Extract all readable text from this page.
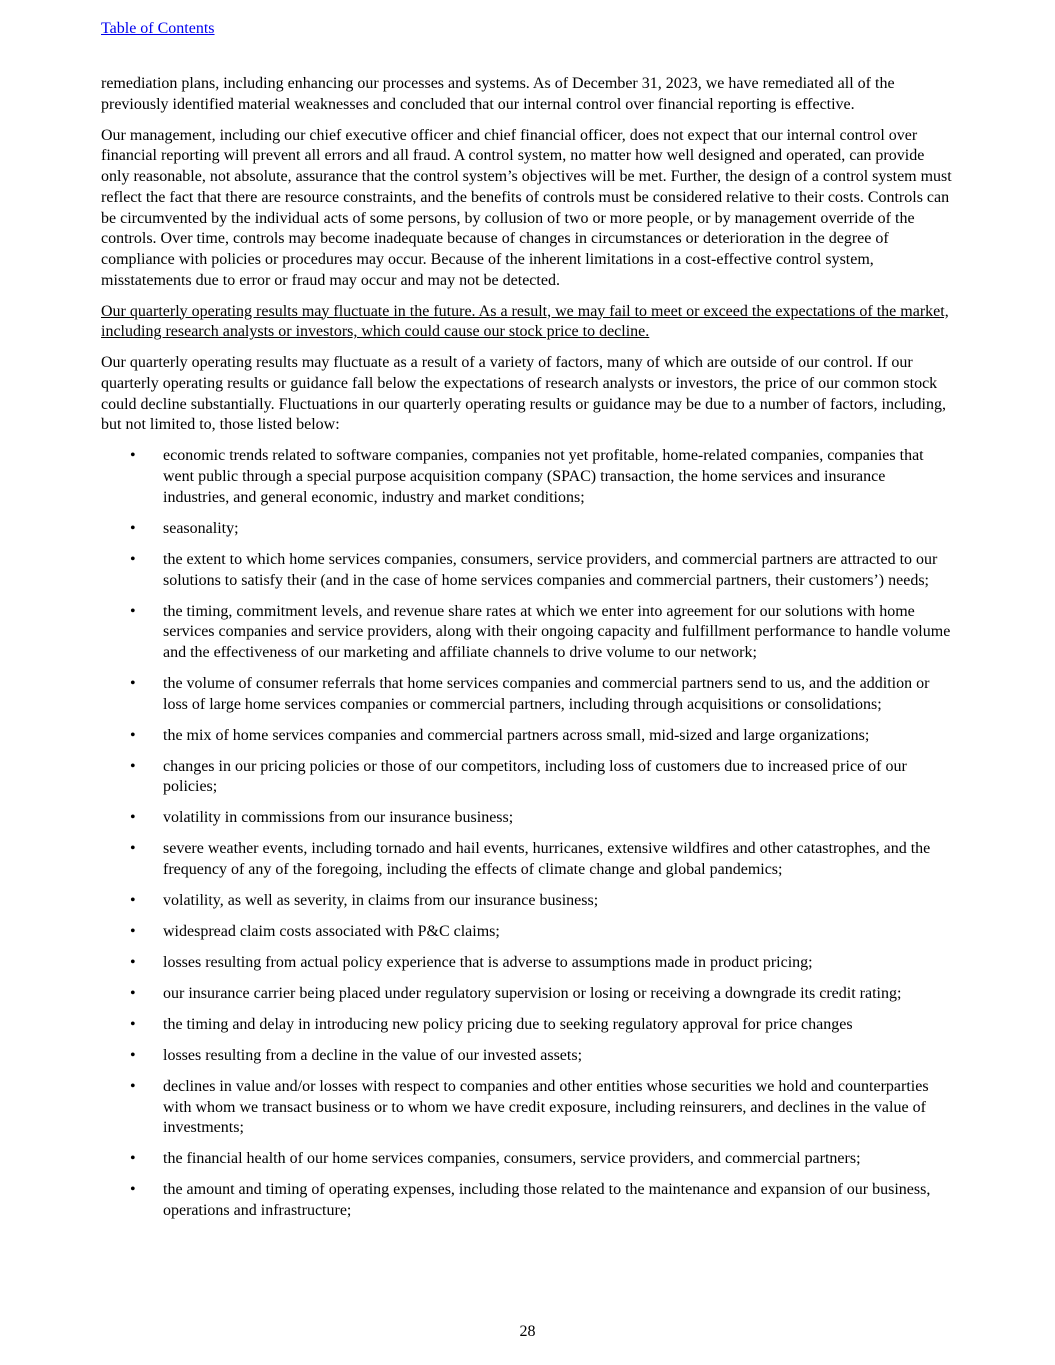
Table of Contents

remediation plans, including enhancing our processes and systems. As of December 31, 2023, we have remediated all of the previously identified material weaknesses and concluded that our internal control over financial reporting is effective.

Our management, including our chief executive officer and chief financial officer, does not expect that our internal control over financial reporting will prevent all errors and all fraud. A control system, no matter how well designed and operated, can provide only reasonable, not absolute, assurance that the control system’s objectives will be met. Further, the design of a control system must reflect the fact that there are resource constraints, and the benefits of controls must be considered relative to their costs. Controls can be circumvented by the individual acts of some persons, by collusion of two or more people, or by management override of the controls. Over time, controls may become inadequate because of changes in circumstances or deterioration in the degree of compliance with policies or procedures may occur. Because of the inherent limitations in a cost-effective control system, misstatements due to error or fraud may occur and may not be detected.

Our quarterly operating results may fluctuate in the future. As a result, we may fail to meet or exceed the expectations of the market, including research analysts or investors, which could cause our stock price to decline.

Our quarterly operating results may fluctuate as a result of a variety of factors, many of which are outside of our control. If our quarterly operating results or guidance fall below the expectations of research analysts or investors, the price of our common stock could decline substantially. Fluctuations in our quarterly operating results or guidance may be due to a number of factors, including, but not limited to, those listed below:

• economic trends related to software companies, companies not yet profitable, home-related companies, companies that went public through a special purpose acquisition company (SPAC) transaction, the home services and insurance industries, and general economic, industry and market conditions;
• seasonality;
• the extent to which home services companies, consumers, service providers, and commercial partners are attracted to our solutions to satisfy their (and in the case of home services companies and commercial partners, their customers’) needs;
• the timing, commitment levels, and revenue share rates at which we enter into agreement for our solutions with home services companies and service providers, along with their ongoing capacity and fulfillment performance to handle volume and the effectiveness of our marketing and affiliate channels to drive volume to our network;
• the volume of consumer referrals that home services companies and commercial partners send to us, and the addition or loss of large home services companies or commercial partners, including through acquisitions or consolidations;
• the mix of home services companies and commercial partners across small, mid-sized and large organizations;
• changes in our pricing policies or those of our competitors, including loss of customers due to increased price of our policies;
• volatility in commissions from our insurance business;
• severe weather events, including tornado and hail events, hurricanes, extensive wildfires and other catastrophes, and the frequency of any of the foregoing, including the effects of climate change and global pandemics;
• volatility, as well as severity, in claims from our insurance business;
• widespread claim costs associated with P&C claims;
• losses resulting from actual policy experience that is adverse to assumptions made in product pricing;
• our insurance carrier being placed under regulatory supervision or losing or receiving a downgrade its credit rating;
• the timing and delay in introducing new policy pricing due to seeking regulatory approval for price changes
• losses resulting from a decline in the value of our invested assets;
• declines in value and/or losses with respect to companies and other entities whose securities we hold and counterparties with whom we transact business or to whom we have credit exposure, including reinsurers, and declines in the value of investments;
• the financial health of our home services companies, consumers, service providers, and commercial partners;
• the amount and timing of operating expenses, including those related to the maintenance and expansion of our business, operations and infrastructure;
28
